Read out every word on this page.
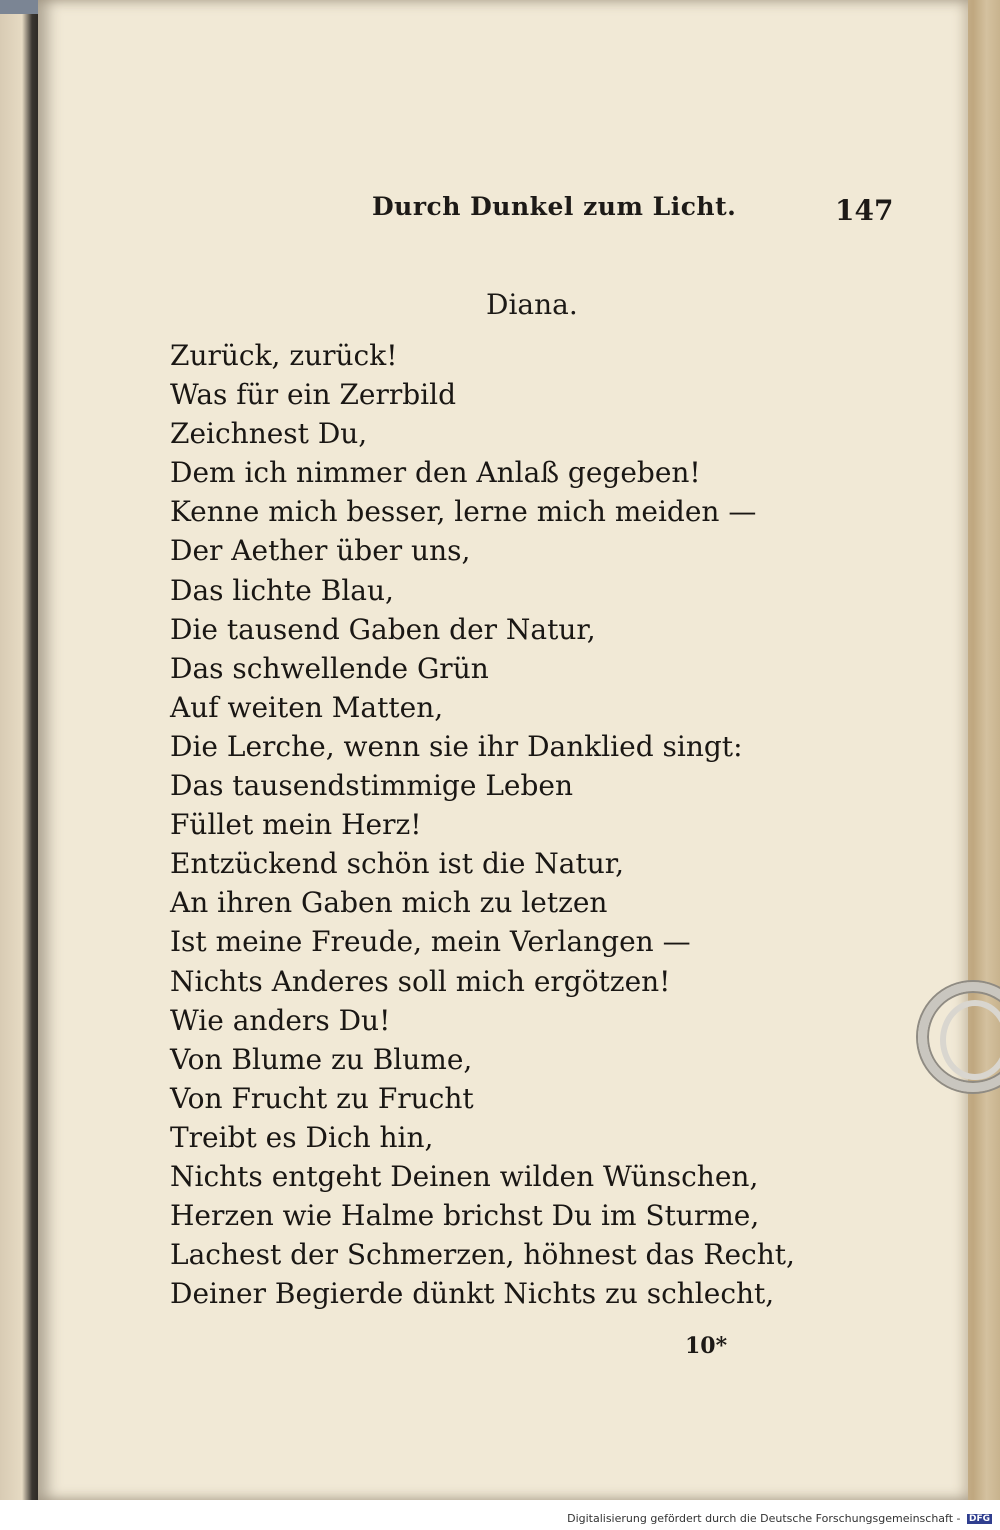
Durch Dunkel zum Licht.	147
Diana.
Zurück, zurück!
Was für ein Zerrbild
Zeichnest Du,
Dem ich nimmer den Anlaß gegeben!
Kenne mich besser, lerne mich meiden —
Der Aether über uns,
Das lichte Blau,
Die tausend Gaben der Natur,
Das schwellende Grün
Auf weiten Matten,
Die Lerche, wenn sie ihr Danklied singt:
Das tausendstimmige Leben
Füllet mein Herz!
Entzückend schön ist die Natur,
An ihren Gaben mich zu letzen
Ist meine Freude, mein Verlangen —
Nichts Anderes soll mich ergötzen!
Wie anders Du!
Von Blume zu Blume,
Von Frucht zu Frucht
Treibt es Dich hin,
Nichts entgeht Deinen wilden Wünschen,
Herzen wie Halme brichst Du im Sturme,
Lachest der Schmerzen, höhnest das Recht,
Deiner Begierde dünkt Nichts zu schlecht,
10*
Digitalisierung gefördert durch die Deutsche Forschungsgemeinschaft - DFG
